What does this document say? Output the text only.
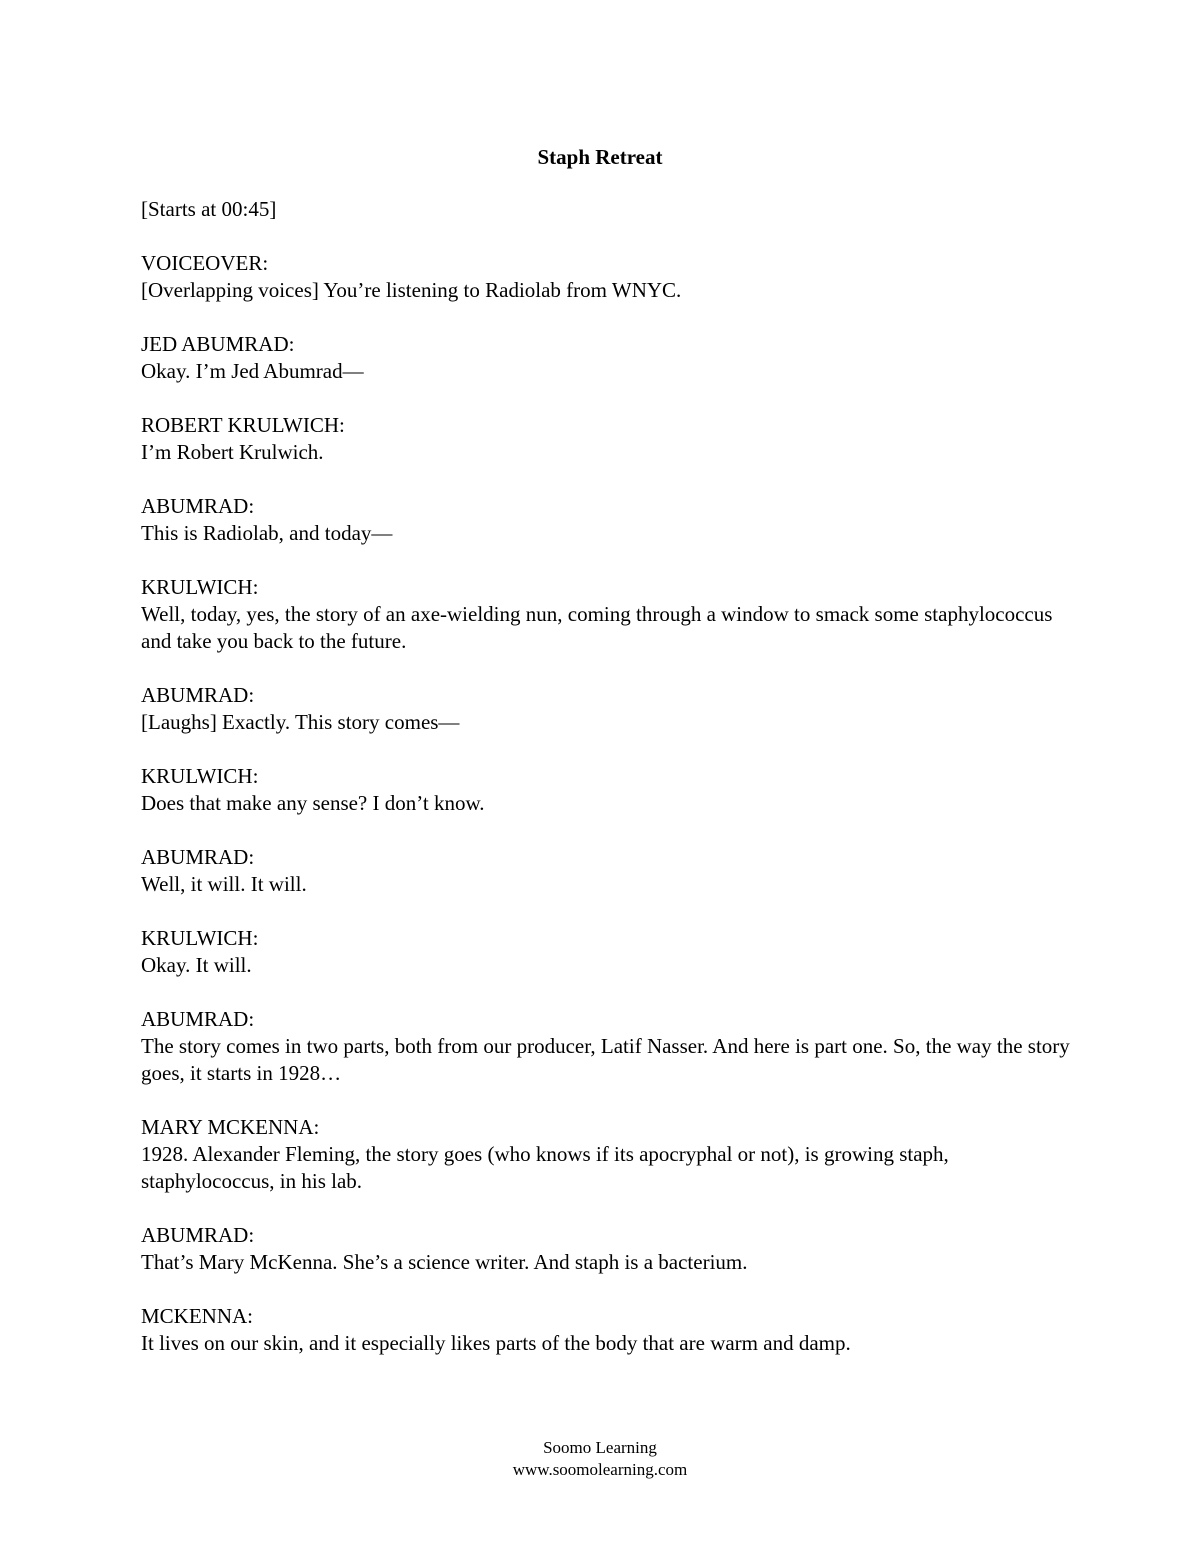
Staph Retreat
[Starts at 00:45]
VOICEOVER:
[Overlapping voices] You’re listening to Radiolab from WNYC.
JED ABUMRAD:
Okay. I’m Jed Abumrad—
ROBERT KRULWICH:
I’m Robert Krulwich.
ABUMRAD:
This is Radiolab, and today—
KRULWICH:
Well, today, yes, the story of an axe-wielding nun, coming through a window to smack some staphylococcus and take you back to the future.
ABUMRAD:
[Laughs] Exactly. This story comes—
KRULWICH:
Does that make any sense? I don’t know.
ABUMRAD:
Well, it will. It will.
KRULWICH:
Okay. It will.
ABUMRAD:
The story comes in two parts, both from our producer, Latif Nasser. And here is part one. So, the way the story goes, it starts in 1928…
MARY MCKENNA:
1928. Alexander Fleming, the story goes (who knows if its apocryphal or not), is growing staph, staphylococcus, in his lab.
ABUMRAD:
That’s Mary McKenna. She’s a science writer. And staph is a bacterium.
MCKENNA:
It lives on our skin, and it especially likes parts of the body that are warm and damp.
Soomo Learning
www.soomolearning.com
